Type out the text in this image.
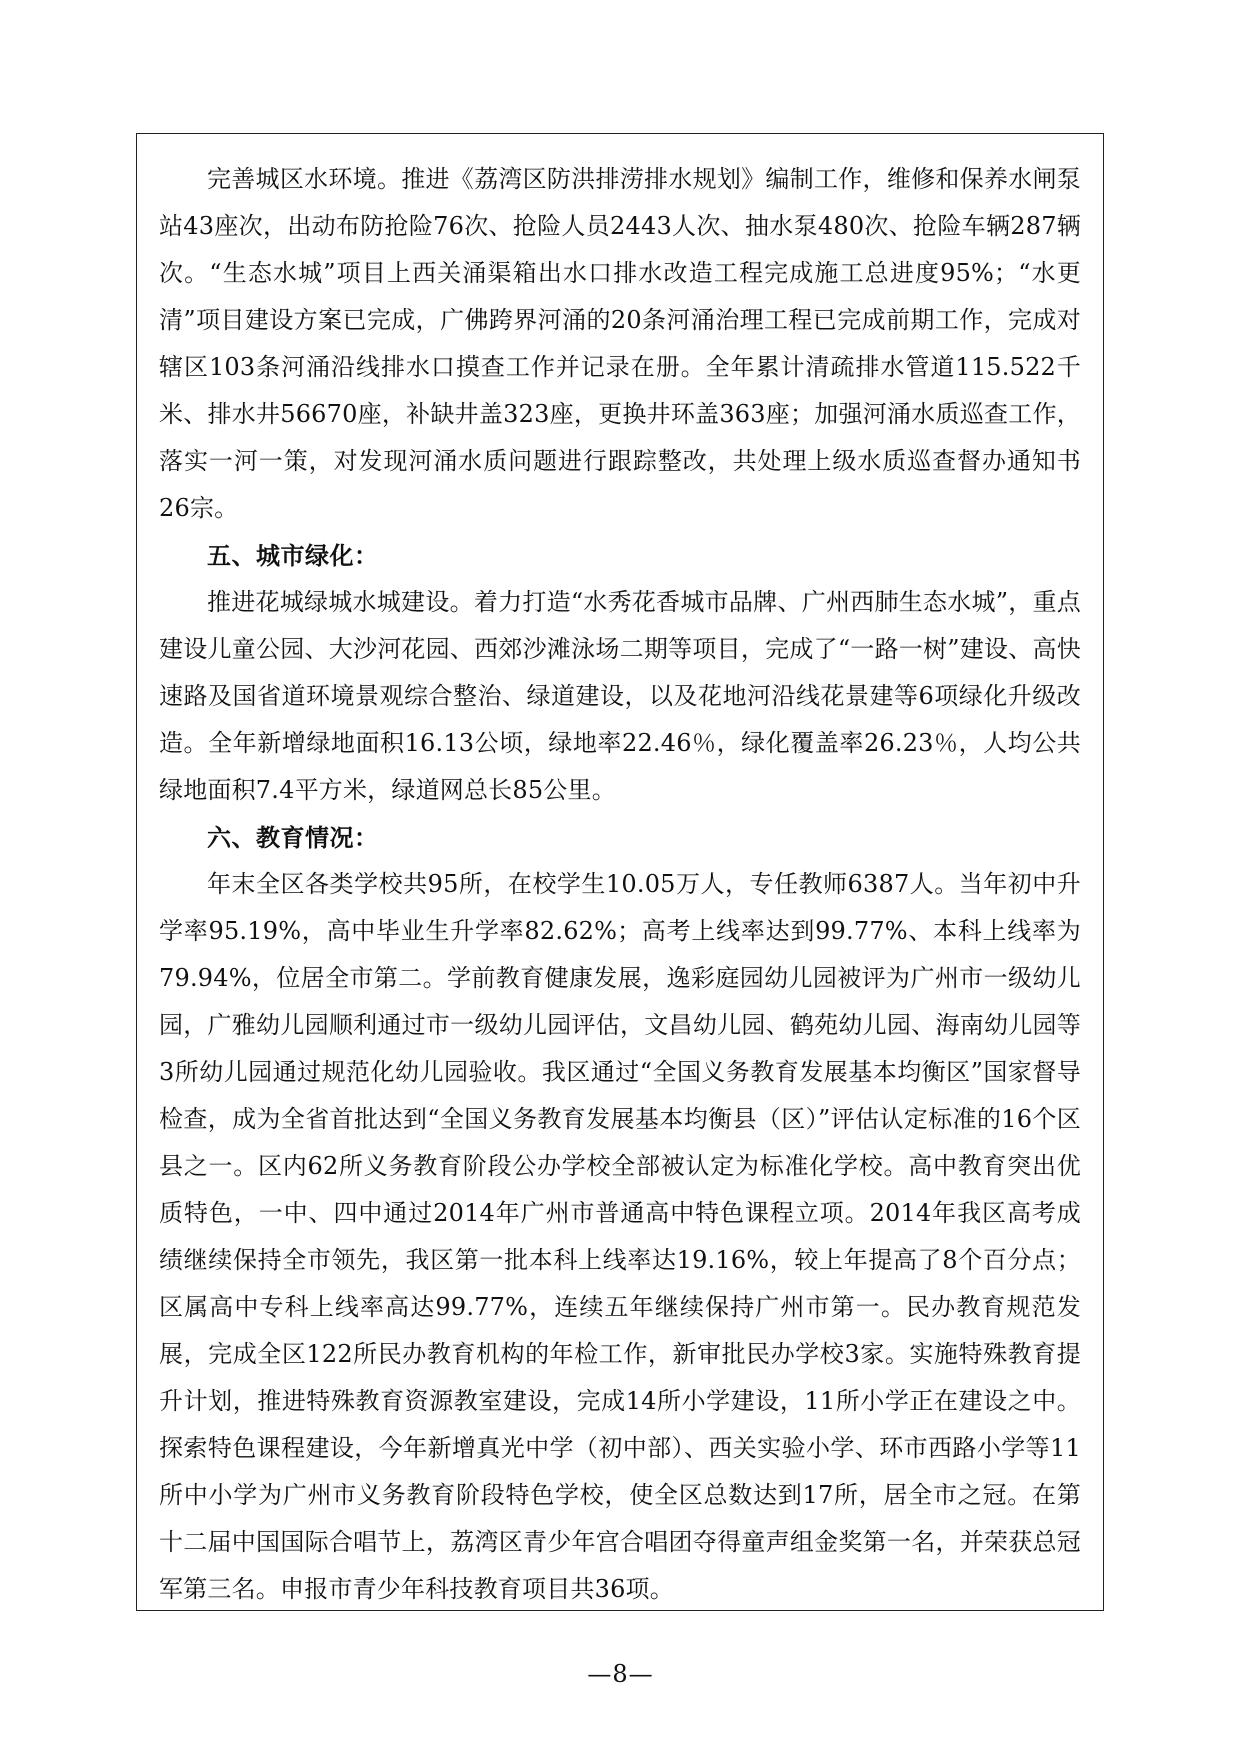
完善城区水环境。推进《荔湾区防洪排涝排水规划》编制工作，维修和保养水闸泵站43座次，出动布防抢险76次、抢险人员2443人次、抽水泵480次、抢险车辆287辆次。“生态水城”项目上西关涌渠箱出水口排水改造工程完成施工总进度95%；“水更清”项目建设方案已完成，广佛跨界河涌的20条河涌治理工程已完成前期工作，完成对辖区103条河涌沿线排水口摸查工作并记录在册。全年累计清疏排水管道115.522千米、排水井56670座，补缺井盖323座，更换井环盖363座；加强河涌水质巡查工作，落实一河一策，对发现河涌水质问题进行跟踪整改，共处理上级水质巡查督办通知书26宗。

五、城市绿化：

推进花城绿城水城建设。着力打造“水秀花香城市品牌、广州西肺生态水城”，重点建设儿童公园、大沙河花园、西郊沙滩泳场二期等项目，完成了“一路一树”建设、高快速路及国省道环境景观综合整治、绿道建设，以及花地河沿线花景建等6项绿化升级改造。全年新增绿地面积16.13公顷，绿地率22.46％，绿化覆盖率26.23％，人均公共绿地面积7.4平方米，绿道网总长85公里。

六、教育情况：

年末全区各类学校共95所，在校学生10.05万人，专任教师6387人。当年初中升学率95.19%，高中毕业生升学率82.62%；高考上线率达到99.77%、本科上线率为79.94%，位居全市第二。学前教育健康发展，逸彩庭园幼儿园被评为广州市一级幼儿园，广雅幼儿园顺利通过市一级幼儿园评估，文昌幼儿园、鹤苑幼儿园、海南幼儿园等3所幼儿园通过规范化幼儿园验收。我区通过“全国义务教育发展基本均衡区”国家督导检查，成为全省首批达到“全国义务教育发展基本均衡县（区）”评估认定标准的16个区县之一。区内62所义务教育阶段公办学校全部被认定为标准化学校。高中教育突出优质特色，一中、四中通过2014年广州市普通高中特色课程立项。2014年我区高考成绩继续保持全市领先，我区第一批本科上线率达19.16%，较上年提高了8个百分点；区属高中专科上线率高达99.77%，连续五年继续保持广州市第一。民办教育规范发展，完成全区122所民办教育机构的年检工作，新审批民办学校3家。实施特殊教育提升计划，推进特殊教育资源教室建设，完成14所小学建设，11所小学正在建设之中。探索特色课程建设，今年新增真光中学（初中部）、西关实验小学、环市西路小学等11所中小学为广州市义务教育阶段特色学校，使全区总数达到17所，居全市之冠。在第十二届中国国际合唱节上，荔湾区青少年宫合唱团夺得童声组金奖第一名，并荣获总冠军第三名。申报市青少年科技教育项目共36项。

—8—
